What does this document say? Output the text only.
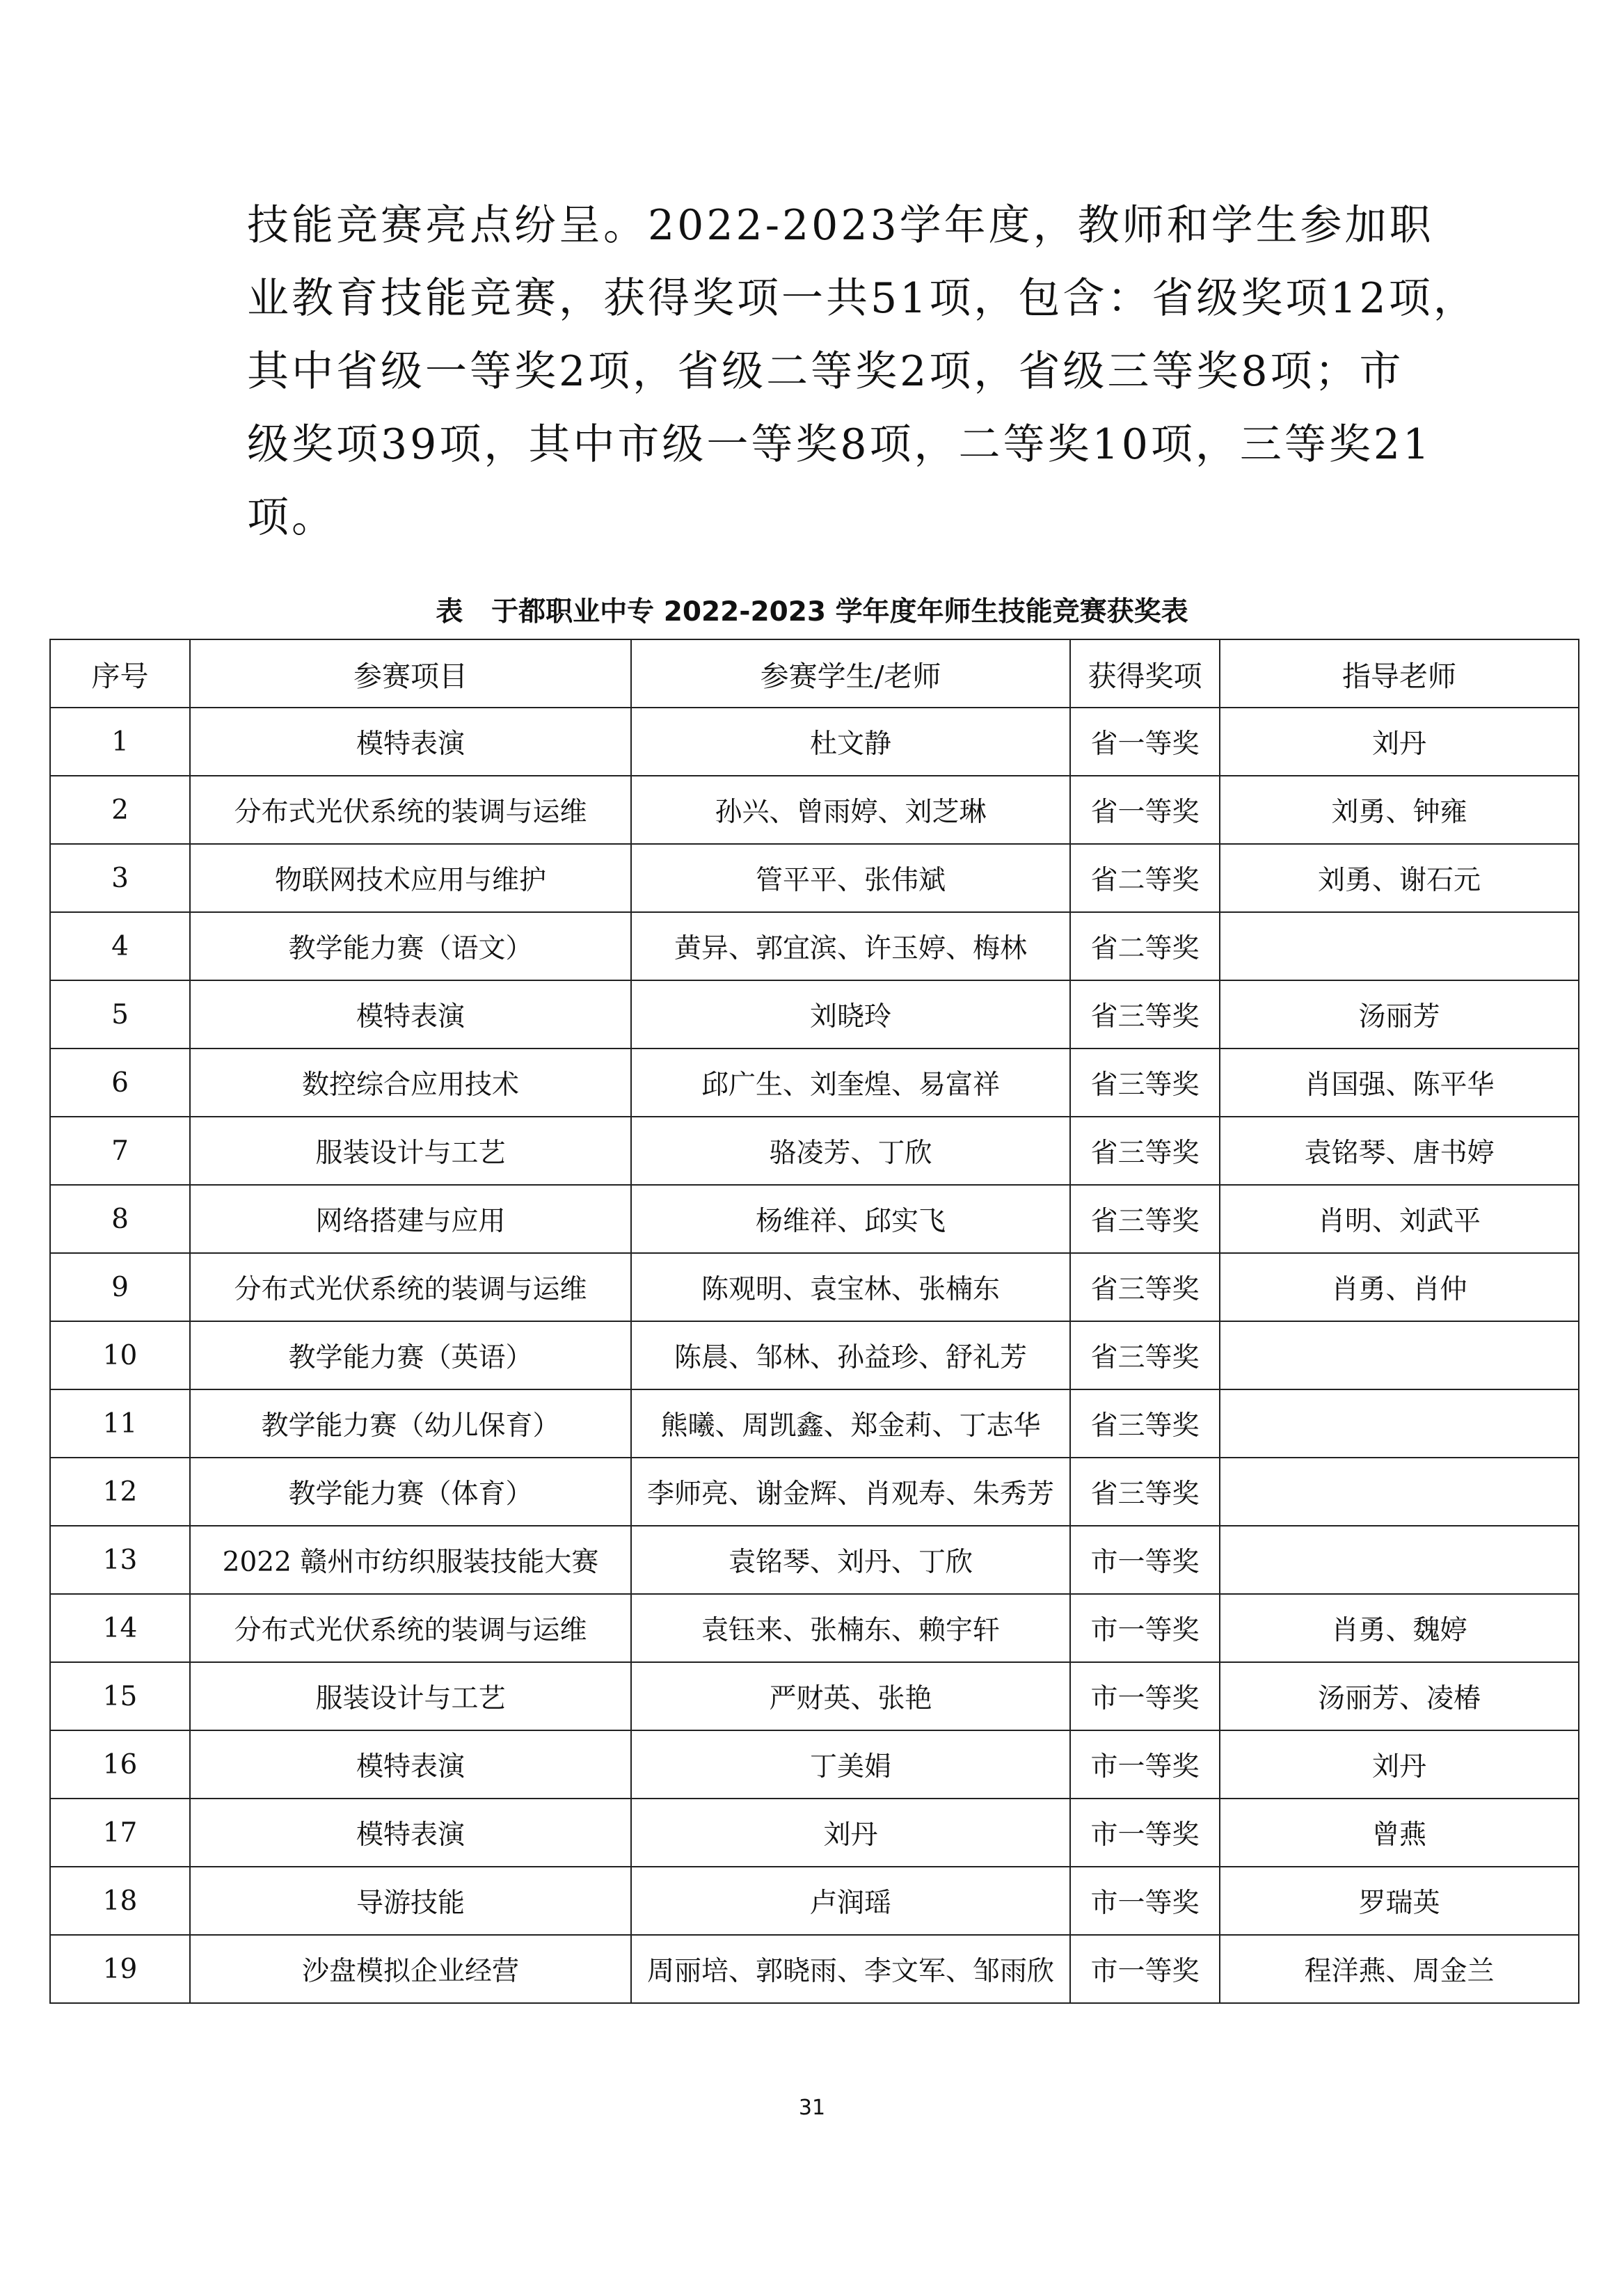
技能竞赛亮点纷呈。2022-2023学年度，教师和学生参加职
业教育技能竞赛，获得奖项一共51项，包含：省级奖项12项，
其中省级一等奖2项，省级二等奖2项，省级三等奖8项；市
级奖项39项，其中市级一等奖8项，二等奖10项，三等奖21
项。
表   于都职业中专 2022-2023 学年度年师生技能竞赛获奖表
序号	参赛项目	参赛学生/老师	获得奖项	指导老师
1	模特表演	杜文静	省一等奖	刘丹
2	分布式光伏系统的装调与运维	孙兴、曾雨婷、刘芝琳	省一等奖	刘勇、钟雍
3	物联网技术应用与维护	管平平、张伟斌	省二等奖	刘勇、谢石元
4	教学能力赛（语文）	黄异、郭宜滨、许玉婷、梅林	省二等奖	
5	模特表演	刘晓玲	省三等奖	汤丽芳
6	数控综合应用技术	邱广生、刘奎煌、易富祥	省三等奖	肖国强、陈平华
7	服装设计与工艺	骆凌芳、丁欣	省三等奖	袁铭琴、唐书婷
8	网络搭建与应用	杨维祥、邱实飞	省三等奖	肖明、刘武平
9	分布式光伏系统的装调与运维	陈观明、袁宝林、张楠东	省三等奖	肖勇、肖仲
10	教学能力赛（英语）	陈晨、邹林、孙益珍、舒礼芳	省三等奖	
11	教学能力赛（幼儿保育）	熊曦、周凯鑫、郑金莉、丁志华	省三等奖	
12	教学能力赛（体育）	李师亮、谢金辉、肖观寿、朱秀芳	省三等奖	
13	2022 赣州市纺织服装技能大赛	袁铭琴、刘丹、丁欣	市一等奖	
14	分布式光伏系统的装调与运维	袁钰来、张楠东、赖宇轩	市一等奖	肖勇、魏婷
15	服装设计与工艺	严财英、张艳	市一等奖	汤丽芳、凌椿
16	模特表演	丁美娟	市一等奖	刘丹
17	模特表演	刘丹	市一等奖	曾燕
18	导游技能	卢润瑶	市一等奖	罗瑞英
19	沙盘模拟企业经营	周丽培、郭晓雨、李文军、邹雨欣	市一等奖	程洋燕、周金兰
31
